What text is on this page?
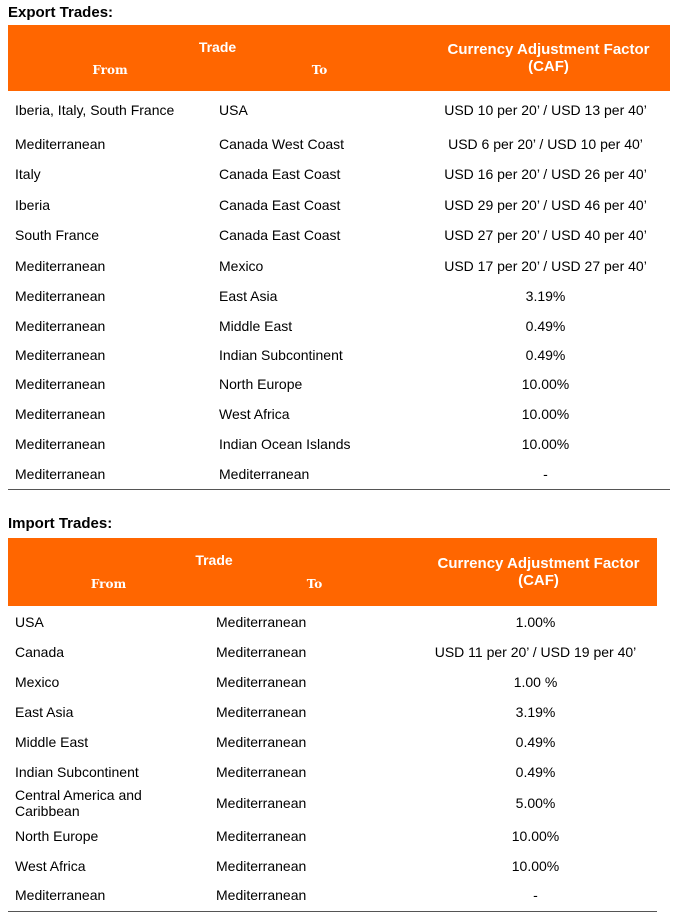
Export Trades:
Trade		Currency Adjustment Factor (CAF)
From	To	
Iberia, Italy, South France	USA	USD 10 per 20’ / USD 13 per 40’
Mediterranean	Canada West Coast	USD 6 per 20’ / USD 10 per 40’
Italy	Canada East Coast	USD 16 per 20’ / USD 26 per 40’
Iberia	Canada East Coast	USD 29 per 20’ / USD 46 per 40’
South France	Canada East Coast	USD 27 per 20’ / USD 40 per 40’
Mediterranean	Mexico	USD 17 per 20’ / USD 27 per 40’
Mediterranean	East Asia	3.19%
Mediterranean	Middle East	0.49%
Mediterranean	Indian Subcontinent	0.49%
Mediterranean	North Europe	10.00%
Mediterranean	West Africa	10.00%
Mediterranean	Indian Ocean Islands	10.00%
Mediterranean	Mediterranean	-
Import Trades:
Trade		Currency Adjustment Factor (CAF)
From	To	
USA	Mediterranean	1.00%
Canada	Mediterranean	USD 11 per 20’ / USD 19 per 40’
Mexico	Mediterranean	1.00 %
East Asia	Mediterranean	3.19%
Middle East	Mediterranean	0.49%
Indian Subcontinent	Mediterranean	0.49%
Central America and Caribbean	Mediterranean	5.00%
North Europe	Mediterranean	10.00%
West Africa	Mediterranean	10.00%
Mediterranean	Mediterranean	-
